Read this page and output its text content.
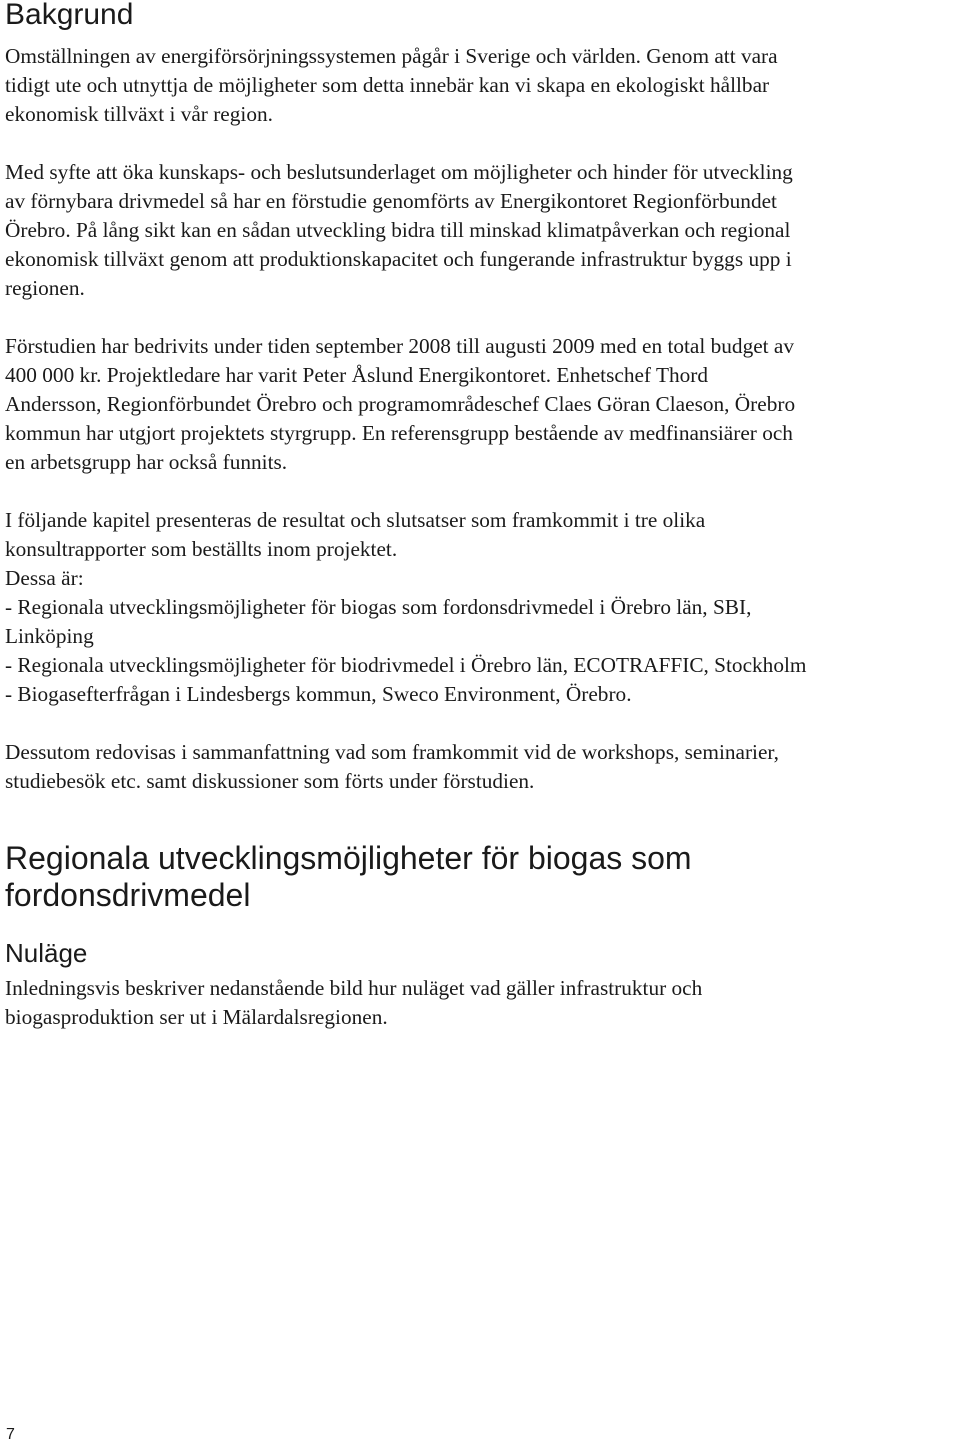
Bakgrund
Omställningen av energiförsörjningssystemen pågår i Sverige och världen. Genom att vara
tidigt ute och utnyttja de möjligheter som detta innebär kan vi skapa en ekologiskt hållbar
ekonomisk tillväxt i vår region.
Med syfte att öka kunskaps- och beslutsunderlaget om möjligheter och hinder för utveckling
av förnybara drivmedel så har en förstudie genomförts av Energikontoret Regionförbundet
Örebro. På lång sikt kan en sådan utveckling bidra till minskad klimatpåverkan och regional
ekonomisk tillväxt genom att produktionskapacitet och fungerande infrastruktur byggs upp i
regionen.
Förstudien har bedrivits under tiden september 2008 till augusti 2009 med en total budget av
400 000 kr. Projektledare har varit Peter Åslund Energikontoret. Enhetschef Thord
Andersson, Regionförbundet Örebro och programområdeschef Claes Göran Claeson, Örebro
kommun har utgjort projektets styrgrupp. En referensgrupp bestående av medfinansiärer och
en arbetsgrupp har också funnits.
I följande kapitel presenteras de resultat och slutsatser som framkommit i tre olika
konsultrapporter som beställts inom projektet.
Dessa är:
- Regionala utvecklingsmöjligheter för biogas som fordonsdrivmedel i Örebro län, SBI,
Linköping
- Regionala utvecklingsmöjligheter för biodrivmedel i Örebro län, ECOTRAFFIC, Stockholm
- Biogasefterfrågan i Lindesbergs kommun, Sweco Environment, Örebro.
Dessutom redovisas i sammanfattning vad som framkommit vid de workshops, seminarier,
studiebesök etc. samt diskussioner som förts under förstudien.
Regionala utvecklingsmöjligheter för biogas som
fordonsdrivmedel
Nuläge
Inledningsvis beskriver nedanstående bild hur nuläget vad gäller infrastruktur och
biogasproduktion ser ut i Mälardalsregionen.
7
